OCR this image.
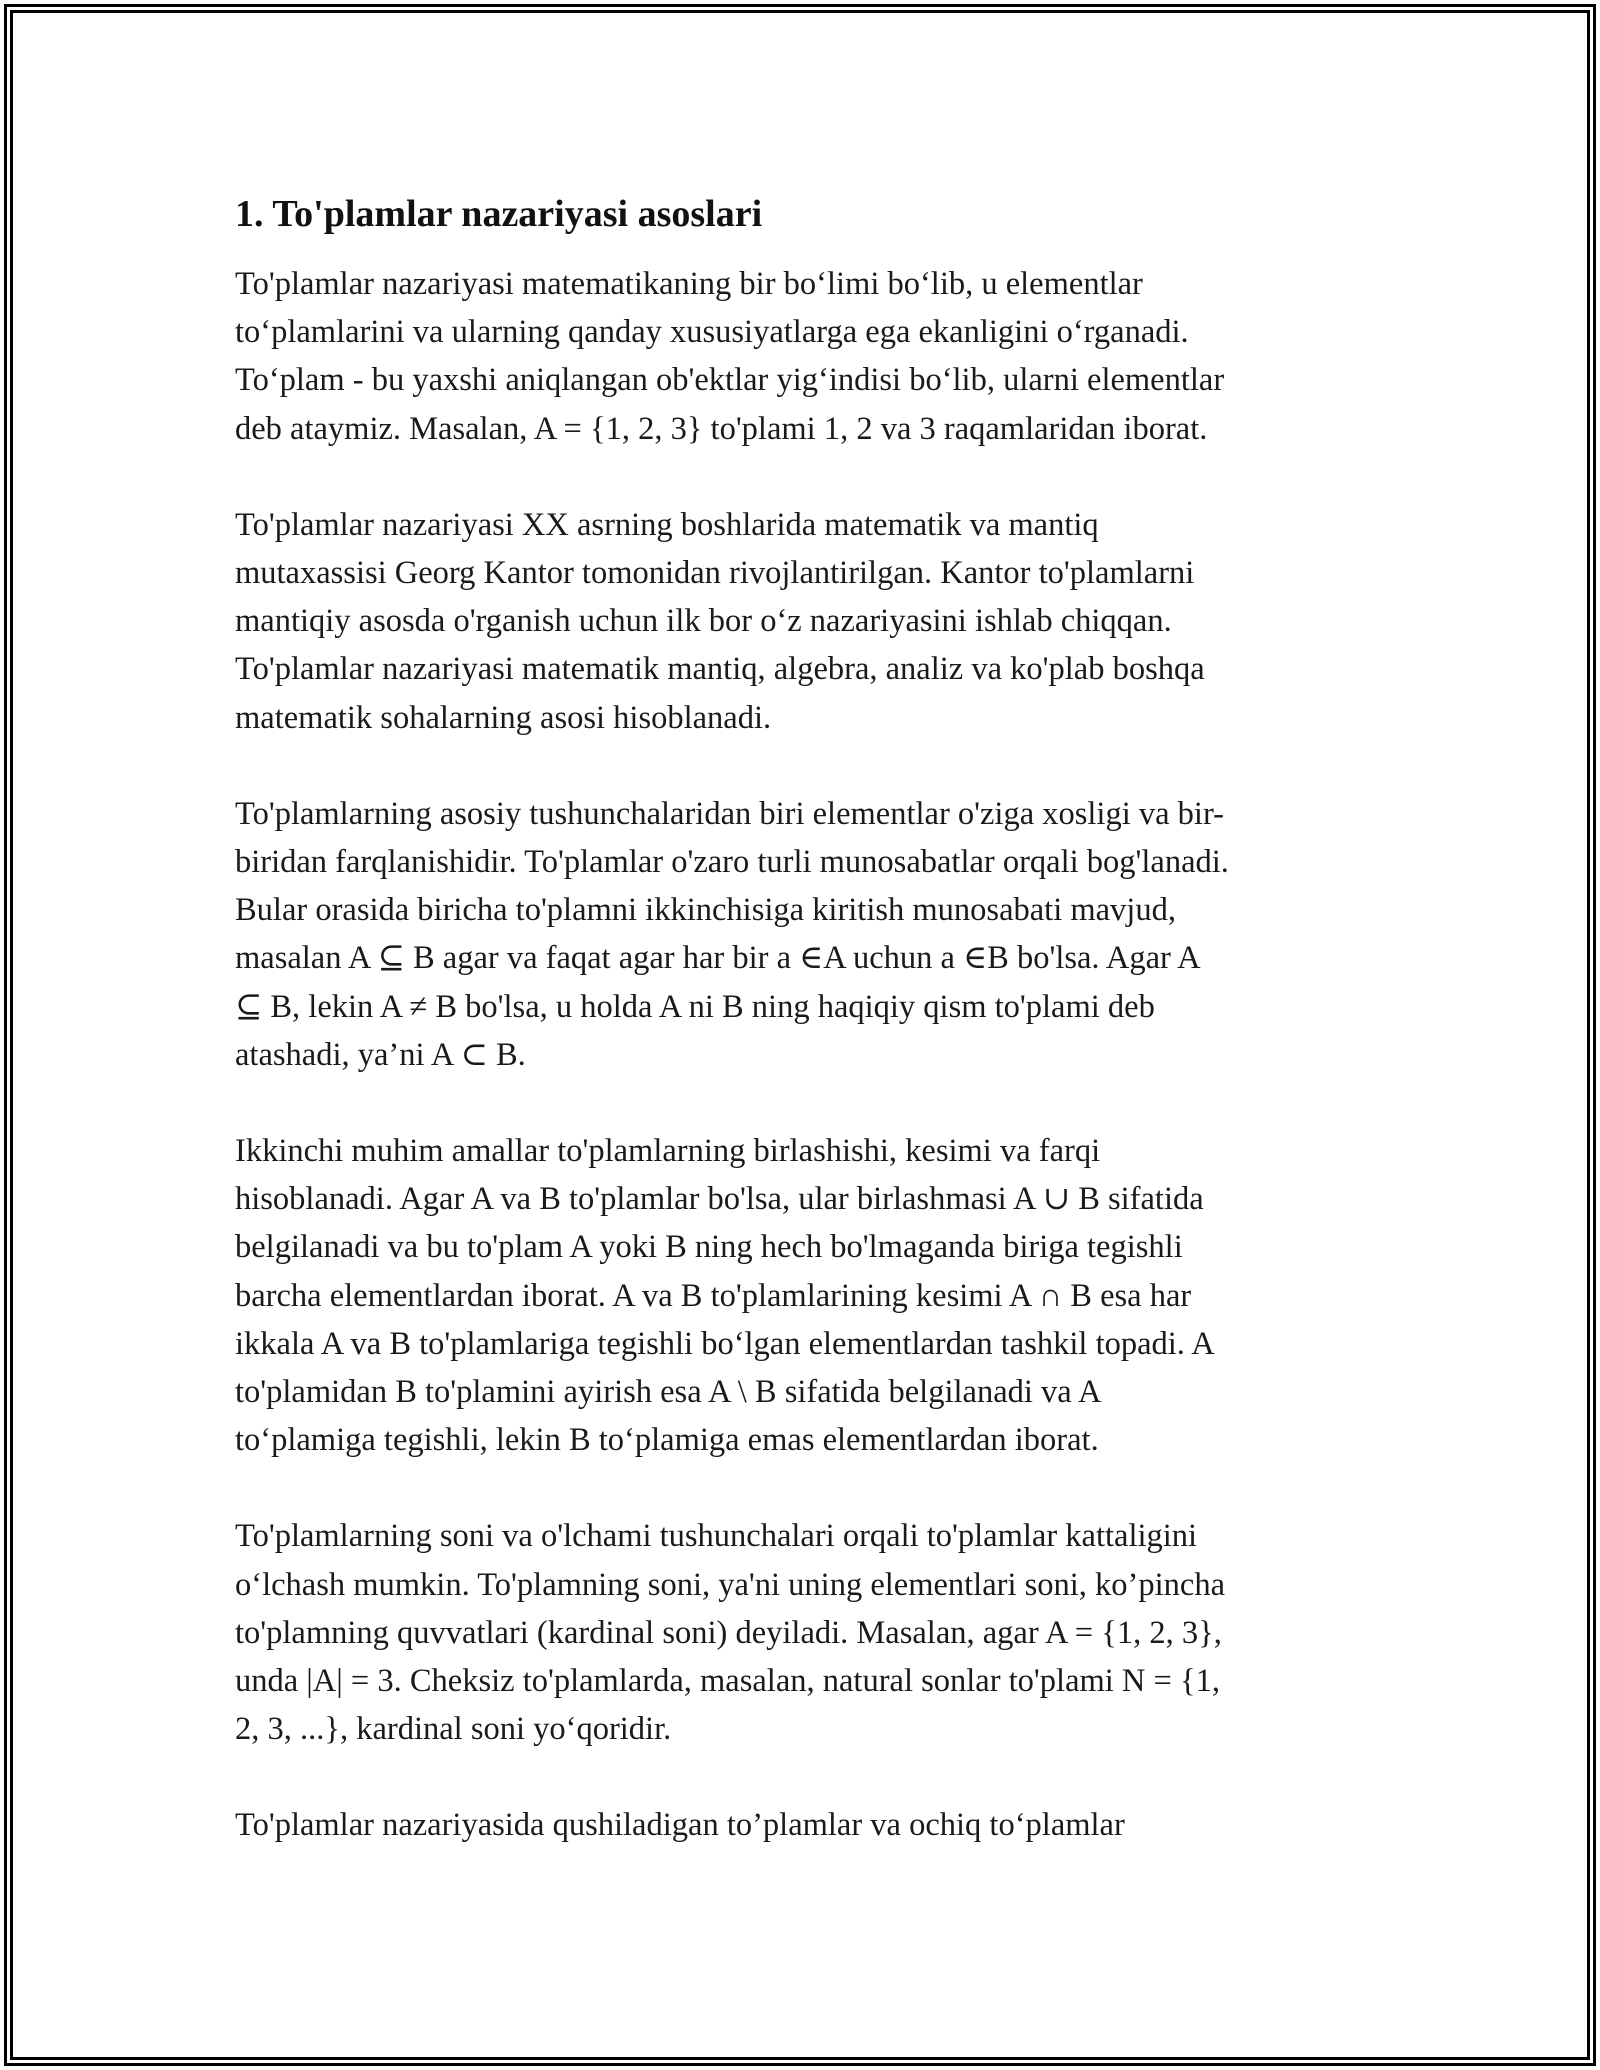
1. To'plamlar nazariyasi asoslari
To'plamlar nazariyasi matematikaning bir bo‘limi bo‘lib, u elementlar
to‘plamlarini va ularning qanday xususiyatlarga ega ekanligini o‘rganadi.
To‘plam - bu yaxshi aniqlangan ob'ektlar yig‘indisi bo‘lib, ularni elementlar
deb ataymiz. Masalan, A = {1, 2, 3} to'plami 1, 2 va 3 raqamlaridan iborat.
To'plamlar nazariyasi XX asrning boshlarida matematik va mantiq
mutaxassisi Georg Kantor tomonidan rivojlantirilgan. Kantor to'plamlarni
mantiqiy asosda o'rganish uchun ilk bor o‘z nazariyasini ishlab chiqqan.
To'plamlar nazariyasi matematik mantiq, algebra, analiz va ko'plab boshqa
matematik sohalarning asosi hisoblanadi.
To'plamlarning asosiy tushunchalaridan biri elementlar o'ziga xosligi va bir-
biridan farqlanishidir. To'plamlar o'zaro turli munosabatlar orqali bog'lanadi.
Bular orasida biricha to'plamni ikkinchisiga kiritish munosabati mavjud,
masalan A ⊆ B agar va faqat agar har bir a ∈A uchun a ∈B bo'lsa. Agar A
⊆ B, lekin A ≠ B bo'lsa, u holda A ni B ning haqiqiy qism to'plami deb
atashadi, ya’ni A ⊂ B.
Ikkinchi muhim amallar to'plamlarning birlashishi, kesimi va farqi
hisoblanadi. Agar A va B to'plamlar bo'lsa, ular birlashmasi A ∪ B sifatida
belgilanadi va bu to'plam A yoki B ning hech bo'lmaganda biriga tegishli
barcha elementlardan iborat. A va B to'plamlarining kesimi A ∩ B esa har
ikkala A va B to'plamlariga tegishli bo‘lgan elementlardan tashkil topadi. A
to'plamidan B to'plamini ayirish esa A \ B sifatida belgilanadi va A
to‘plamiga tegishli, lekin B to‘plamiga emas elementlardan iborat.
To'plamlarning soni va o'lchami tushunchalari orqali to'plamlar kattaligini
o‘lchash mumkin. To'plamning soni, ya'ni uning elementlari soni, ko’pincha
to'plamning quvvatlari (kardinal soni) deyiladi. Masalan, agar A = {1, 2, 3},
unda |A| = 3. Cheksiz to'plamlarda, masalan, natural sonlar to'plami N = {1,
2, 3, ...}, kardinal soni yo‘qoridir.
To'plamlar nazariyasida qushiladigan to’plamlar va ochiq to‘plamlar
